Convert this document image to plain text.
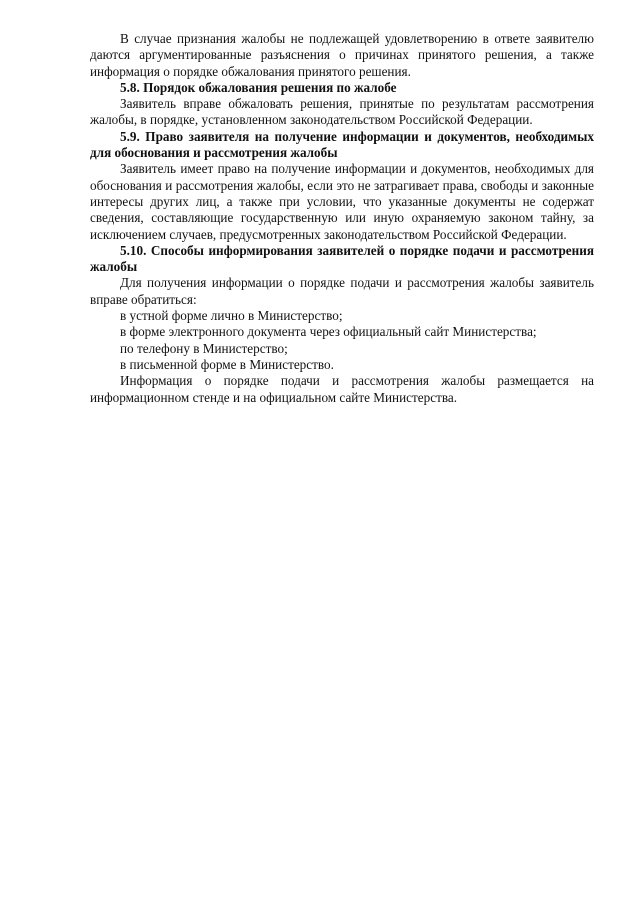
В случае признания жалобы не подлежащей удовлетворению в ответе заявителю даются аргументированные разъяснения о причинах принятого решения, а также информация о порядке обжалования принятого решения.

5.8. Порядок обжалования решения по жалобе

Заявитель вправе обжаловать решения, принятые по результатам рассмотрения жалобы, в порядке, установленном законодательством Российской Федерации.

5.9. Право заявителя на получение информации и документов, необходимых для обоснования и рассмотрения жалобы

Заявитель имеет право на получение информации и документов, необходимых для обоснования и рассмотрения жалобы, если это не затрагивает права, свободы и законные интересы других лиц, а также при условии, что указанные документы не содержат сведения, составляющие государственную или иную охраняемую законом тайну, за исключением случаев, предусмотренных законодательством Российской Федерации.

5.10. Способы информирования заявителей о порядке подачи и рассмотрения жалобы

Для получения информации о порядке подачи и рассмотрения жалобы заявитель вправе обратиться:

в устной форме лично в Министерство;

в форме электронного документа через официальный сайт Министерства;

по телефону в Министерство;

в письменной форме в Министерство.

Информация о порядке подачи и рассмотрения жалобы размещается на информационном стенде и на официальном сайте Министерства.
